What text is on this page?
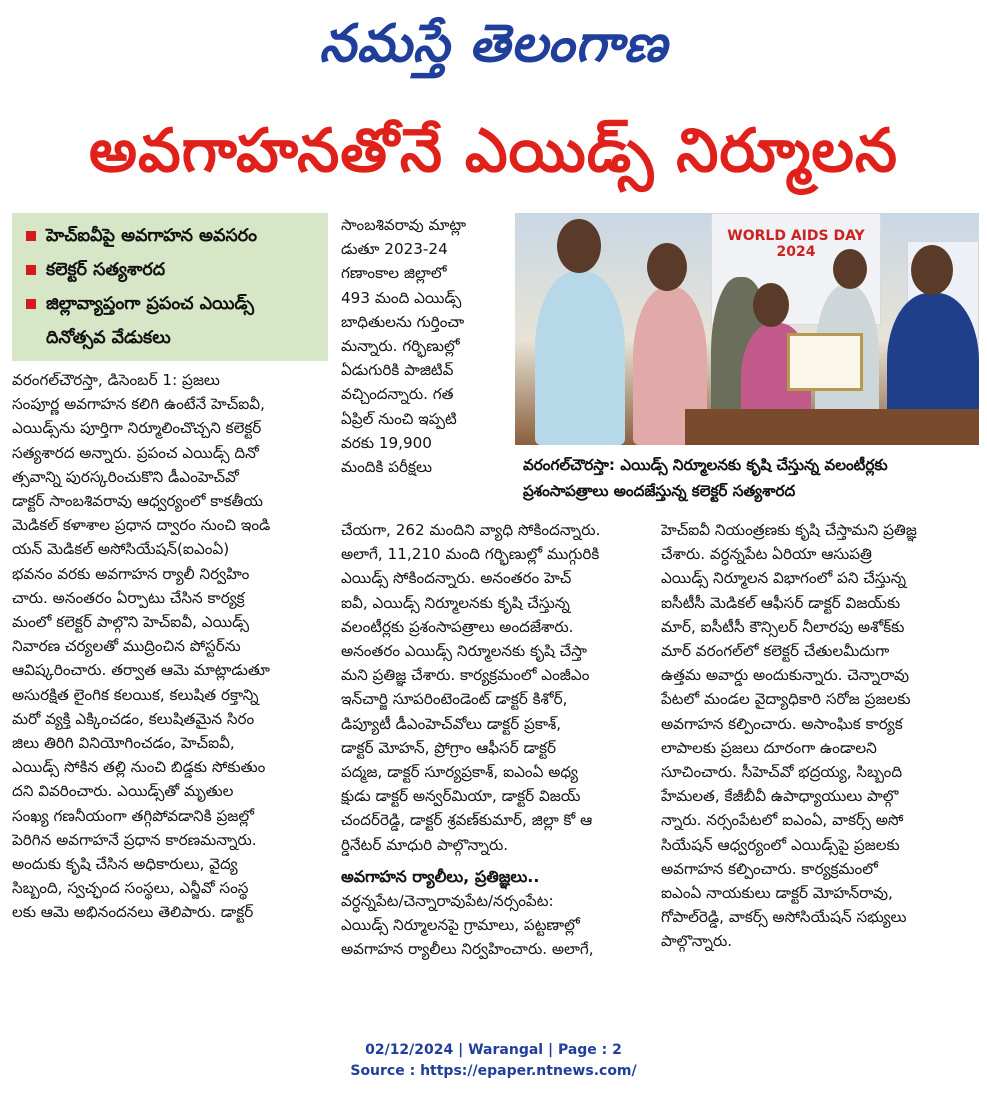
నమస్తే తెలంగాణ
అవగాహనతోనే ఎయిడ్స్ నిర్మూలన
హెచ్ఐవీపై అవగాహన అవసరం
కలెక్టర్ సత్యశారద
జిల్లావ్యాప్తంగా ప్రపంచ ఎయిడ్స్
దినోత్సవ వేడుకలు
వరంగల్‌చౌరస్తా, డిసెంబర్ 1: ప్రజలు
సంపూర్ణ అవగాహన కలిగి ఉంటేనే హెచ్ఐవీ,
ఎయిడ్స్‌ను పూర్తిగా నిర్మూలించొచ్చని కలెక్టర్
సత్యశారద అన్నారు. ప్రపంచ ఎయిడ్స్ దినో
త్సవాన్ని పురస్కరించుకొని డీఎంహెచ్‌వో
డాక్టర్ సాంబశివరావు ఆధ్వర్యంలో కాకతీయ
మెడికల్ కళాశాల ప్రధాన ద్వారం నుంచి ఇండి
యన్ మెడికల్ అసోసియేషన్(ఐఎంఏ)
భవనం వరకు అవగాహన ర్యాలీ నిర్వహిం
చారు. అనంతరం ఏర్పాటు చేసిన కార్యక్ర
మంలో కలెక్టర్ పాల్గొని హెచ్ఐవీ, ఎయిడ్స్
నివారణ చర్యలతో ముద్రించిన పోస్టర్‌ను
ఆవిష్కరించారు. తర్వాత ఆమె మాట్లాడుతూ
అసురక్షిత లైంగిక కలయిక, కలుషిత రక్తాన్ని
మరో వ్యక్తి ఎక్కించడం, కలుషితమైన సిరం
జిలు తిరిగి వినియోగించడం, హెచ్ఐవీ,
ఎయిడ్స్ సోకిన తల్లి నుంచి బిడ్డకు సోకుతుం
దని వివరించారు. ఎయిడ్స్‌తో మృతుల
సంఖ్య గణనీయంగా తగ్గిపోవడానికి ప్రజల్లో
పెరిగిన అవగాహనే ప్రధాన కారణమన్నారు.
అందుకు కృషి చేసిన అధికారులు, వైద్య
సిబ్బంది, స్వచ్ఛంద సంస్థలు, ఎన్జీవో సంస్థ
లకు ఆమె అభినందనలు తెలిపారు. డాక్టర్
సాంబశివరావు మాట్లా
డుతూ 2023-24
గణాంకాల జిల్లాలో
493 మంది ఎయిడ్స్
బాధితులను గుర్తించా
మన్నారు. గర్భిణుల్లో
ఏడుగురికి పాజిటివ్
వచ్చిందన్నారు. గత
ఏప్రిల్ నుంచి ఇప్పటి
వరకు 19,900
మందికి పరీక్షలు
చేయగా, 262 మందిని వ్యాధి సోకిందన్నారు.
అలాగే, 11,210 మంది గర్భిణుల్లో ముగ్గురికి
ఎయిడ్స్ సోకిందన్నారు. అనంతరం హెచ్
ఐవీ, ఎయిడ్స్ నిర్మూలనకు కృషి చేస్తున్న
వలంటీర్లకు ప్రశంసాపత్రాలు అందజేశారు.
అనంతరం ఎయిడ్స్ నిర్మూలనకు కృషి చేస్తా
మని ప్రతిజ్ఞ చేశారు. కార్యక్రమంలో ఎంజీఎం
ఇన్‌చార్జి సూపరింటెండెంట్ డాక్టర్ కిశోర్,
డిప్యూటీ డీఎంహెచ్‌వోలు డాక్టర్ ప్రకాశ్,
డాక్టర్ మోహన్, ప్రోగ్రాం ఆఫీసర్ డాక్టర్
పద్మజ, డాక్టర్ సూర్యప్రకాశ్, ఐఎంఏ అధ్య
క్షుడు డాక్టర్ అన్వర్‌మియా, డాక్టర్ విజయ్
చందర్‌రెడ్డి, డాక్టర్ శ్రవణ్‌కుమార్, జిల్లా కో ఆ
ర్డినేటర్ మాధురి పాల్గొన్నారు.
అవగాహన ర్యాలీలు, ప్రతిజ్ఞలు..
వర్ధన్నపేట/చెన్నారావుపేట/నర్సంపేట:
ఎయిడ్స్ నిర్మూలనపై గ్రామాలు, పట్టణాల్లో
అవగాహన ర్యాలీలు నిర్వహించారు. అలాగే,
హెచ్ఐవీ నియంత్రణకు కృషి చేస్తామని ప్రతిజ్ఞ
చేశారు. వర్ధన్నపేట ఏరియా ఆసుపత్రి
ఎయిడ్స్ నిర్మూలన విభాగంలో పని చేస్తున్న
ఐసీటీసీ మెడికల్ ఆఫీసర్ డాక్టర్ విజయ్‌కు
మార్, ఐసీటీసీ కౌన్సిలర్ నీలారపు అశోక్‌కు
మార్ వరంగల్‌లో కలెక్టర్ చేతులమీదుగా
ఉత్తమ అవార్డు అందుకున్నారు. చెన్నారావు
పేటలో మండల వైద్యాధికారి సరోజ ప్రజలకు
అవగాహన కల్పించారు. అసాంఘిక కార్యక
లాపాలకు ప్రజలు దూరంగా ఉండాలని
సూచించారు. సీహెచ్‌వో భద్రయ్య, సిబ్బంది
హేమలత, కేజీబీవీ ఉపాధ్యాయులు పాల్గొ
న్నారు. నర్సంపేటలో ఐఎంఏ, వాకర్స్ అసో
సియేషన్ ఆధ్వర్యంలో ఎయిడ్స్‌పై ప్రజలకు
అవగాహన కల్పించారు. కార్యక్రమంలో
ఐఎంఏ నాయకులు డాక్టర్ మోహన్‌రావు,
గోపాల్‌రెడ్డి, వాకర్స్ అసోసియేషన్ సభ్యులు
పాల్గొన్నారు.
WORLD AIDS DAY 2024
వరంగల్‌చౌరస్తా: ఎయిడ్స్ నిర్మూలనకు కృషి చేస్తున్న వలంటీర్లకు
ప్రశంసాపత్రాలు అందజేస్తున్న కలెక్టర్ సత్యశారద
02/12/2024 | Warangal | Page : 2
Source : https://epaper.ntnews.com/
